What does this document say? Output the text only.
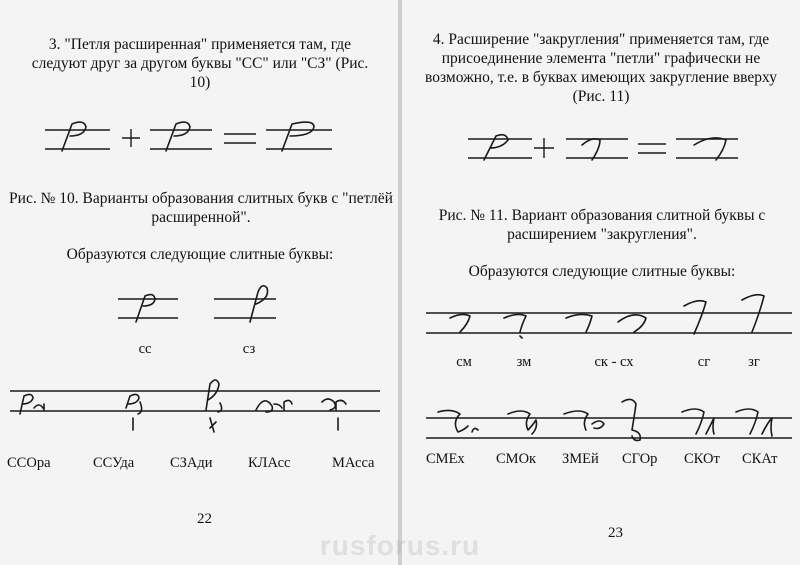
3. "Петля расширенная" применяется там, где следуют друг за другом буквы "СС" или "СЗ" (Рис. 10)
Рис. № 10. Варианты образования слитных букв с "петлёй расширенной".
Образуются следующие слитные буквы:
сс	сз
ССОра	ССУда СЗАди КЛАсс	МАсса
22
4. Расширение "закругления" применяется там, где присоединение элемента "петли" графически не возможно, т.е. в буквах имеющих закругление вверху (Рис. 11)
Рис. № 11. Вариант образования слитной буквы с расширением "закругления".
Образуются следующие слитные буквы:
см	зм	ск - сх	сг	зг
СМЕх СМОк ЗМЕй СГОр СКОт СКАт
23
rusforus.ru
